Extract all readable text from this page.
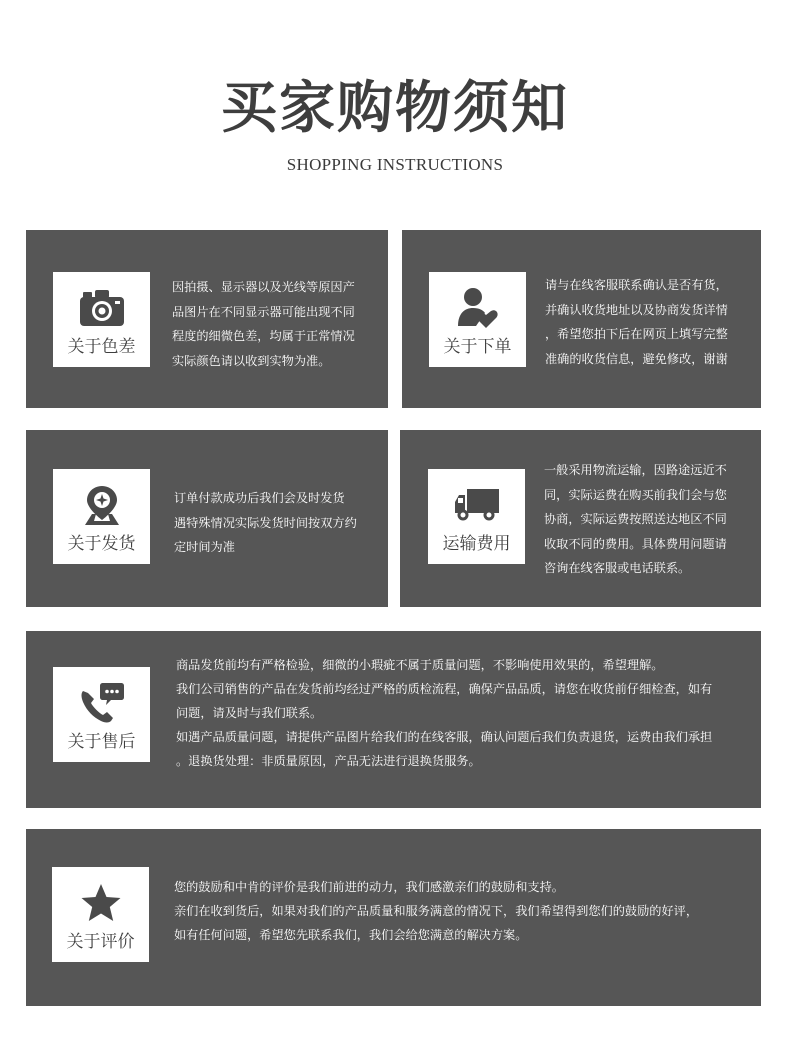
买家购物须知
SHOPPING INSTRUCTIONS
关于色差
因拍摄、显示器以及光线等原因产
品图片在不同显示器可能出现不同
程度的细微色差，均属于正常情况
实际颜色请以收到实物为准。
关于下单
请与在线客服联系确认是否有货，
并确认收货地址以及协商发货详情
，希望您拍下后在网页上填写完整
准确的收货信息，避免修改，谢谢
关于发货
订单付款成功后我们会及时发货
遇特殊情况实际发货时间按双方约
定时间为准	运输费用
一般采用物流运输，因路途远近不
同，实际运费在购买前我们会与您
协商，实际运费按照送达地区不同
收取不同的费用。具体费用问题请
咨询在线客服或电话联系。
关于售后
商品发货前均有严格检验，细微的小瑕疵不属于质量问题，不影响使用效果的，希望理解。
我们公司销售的产品在发货前均经过严格的质检流程，确保产品品质，请您在收货前仔细检查，如有
问题，请及时与我们联系。
如遇产品质量问题，请提供产品图片给我们的在线客服，确认问题后我们负责退货，运费由我们承担
。退换货处理：非质量原因，产品无法进行退换货服务。
关于评价
您的鼓励和中肯的评价是我们前进的动力，我们感激亲们的鼓励和支持。
亲们在收到货后，如果对我们的产品质量和服务满意的情况下，我们希望得到您们的鼓励的好评，
如有任何问题，希望您先联系我们，我们会给您满意的解决方案。
